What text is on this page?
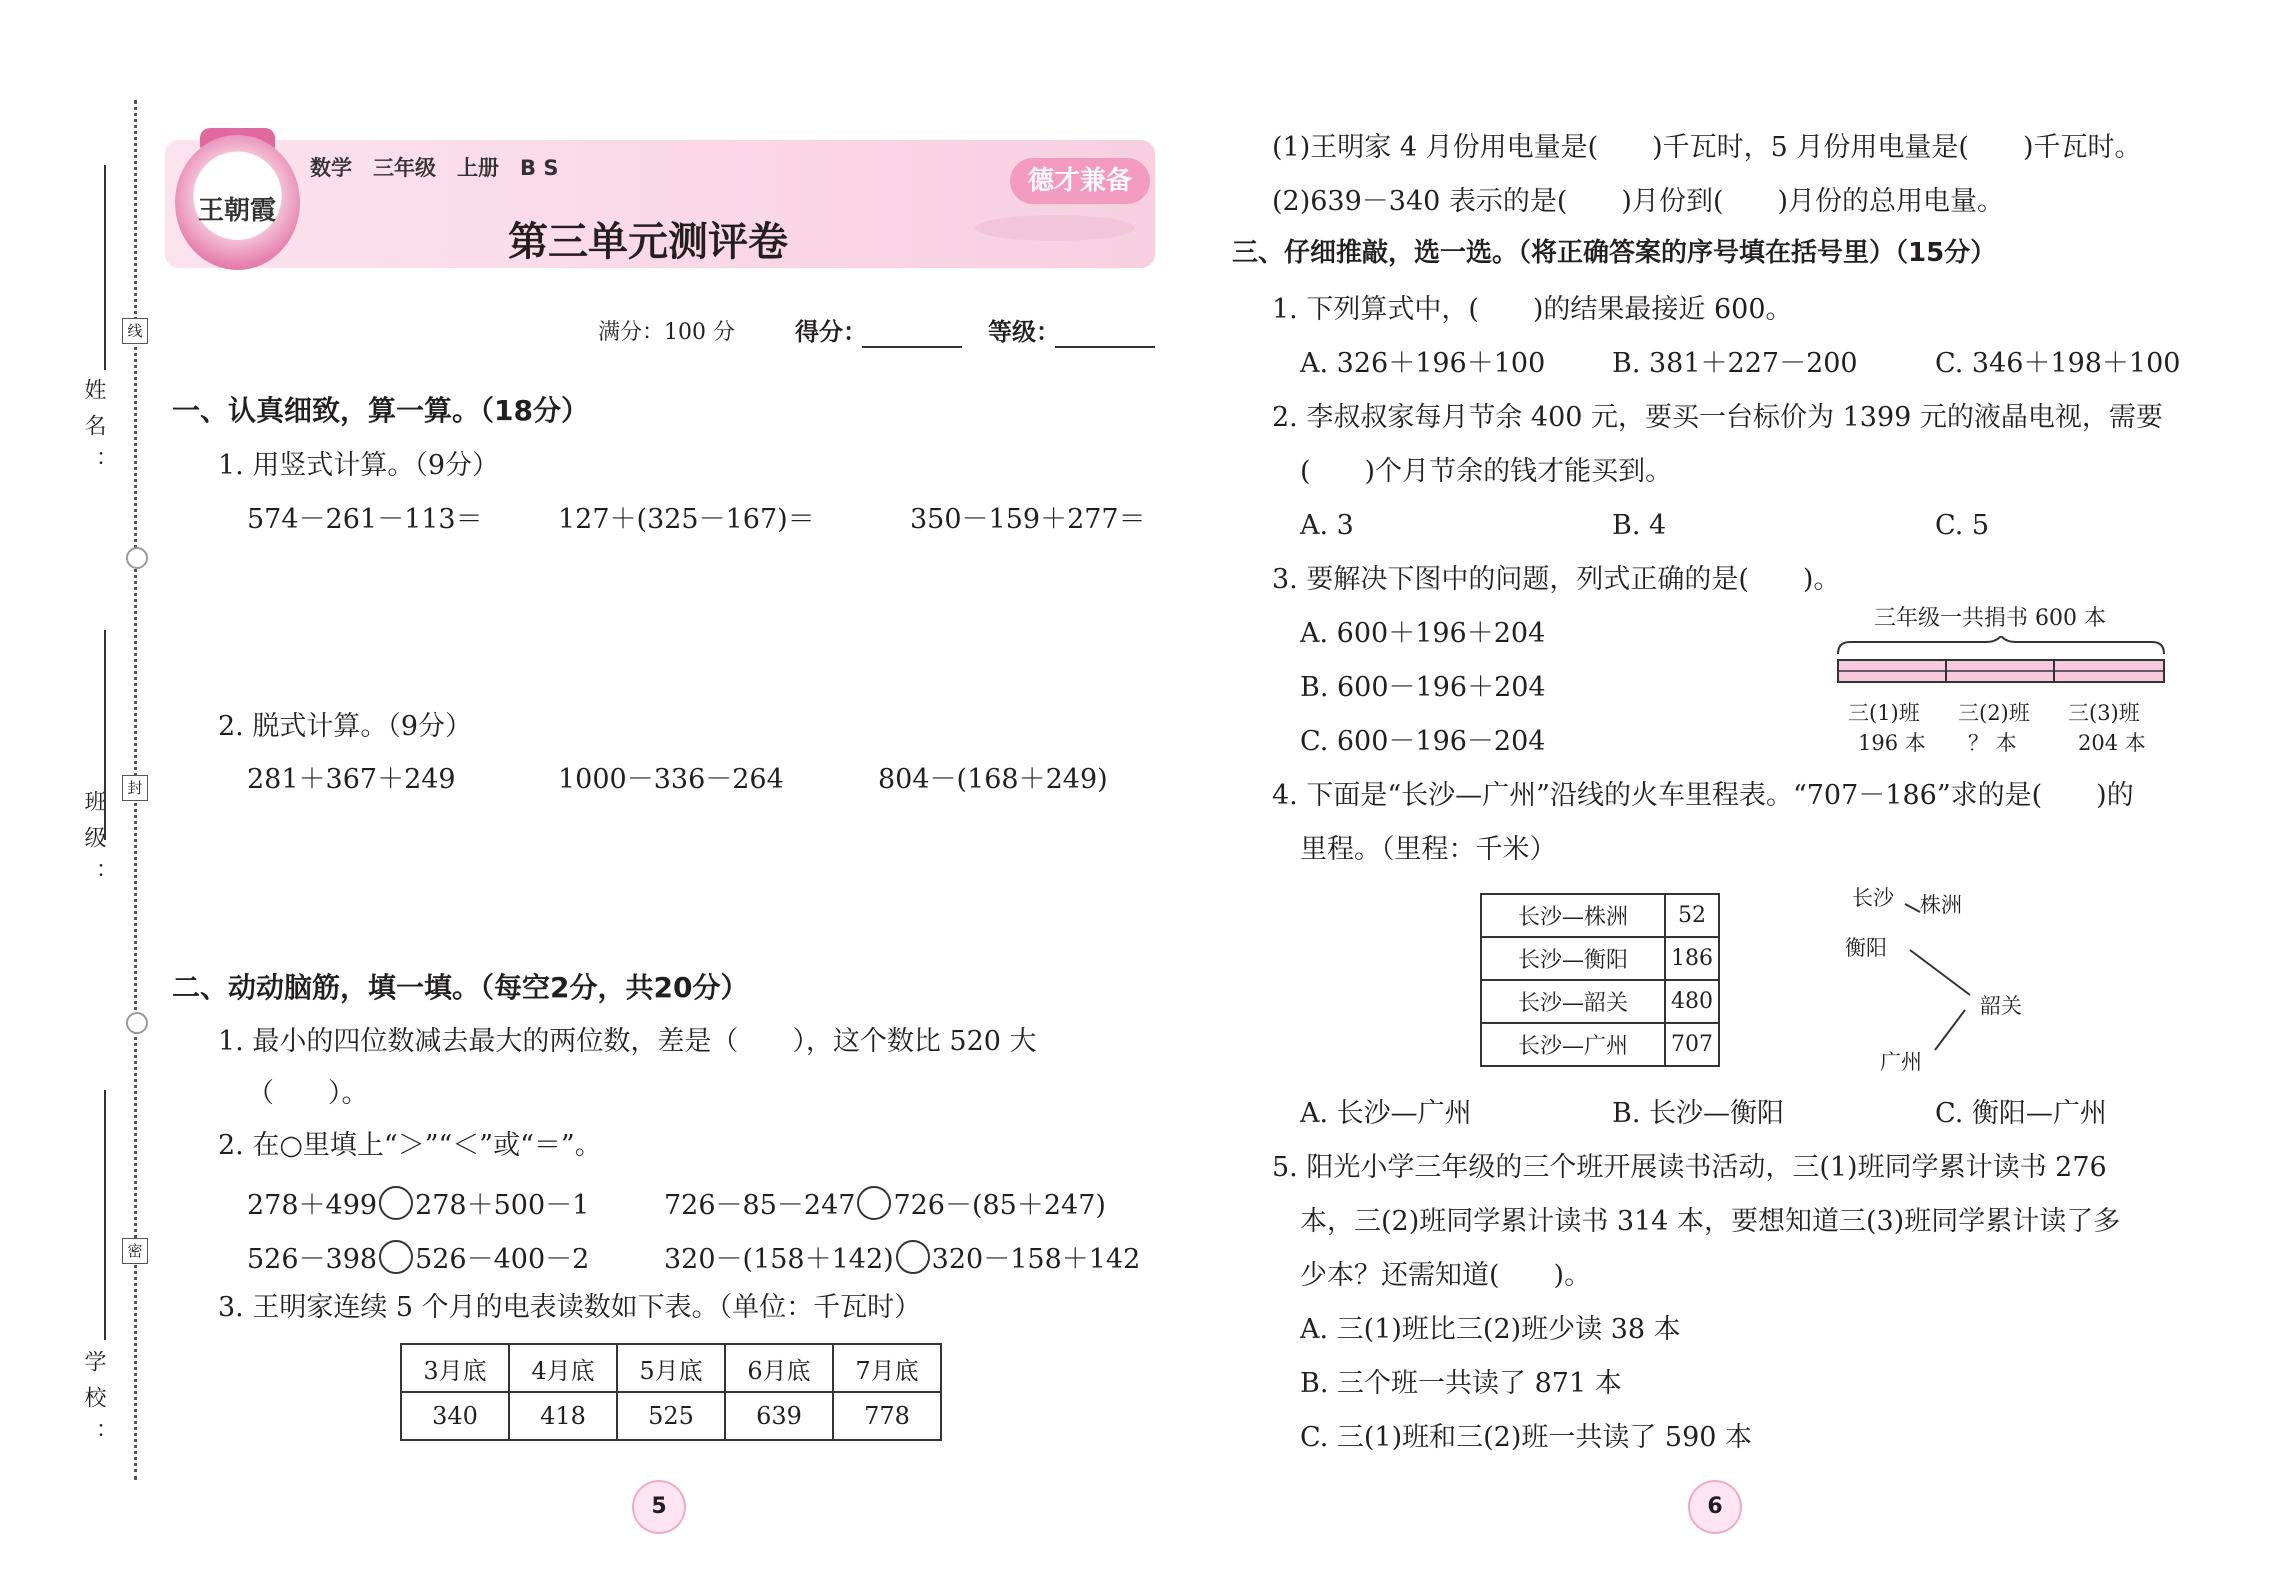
姓名：
班级：
学校：
线
封
密
王朝霞
数学　三年级　上册　B S	德才兼备
第三单元测评卷
满分：100 分	得分：	等级：
一、认真细致，算一算。（18分）
1. 用竖式计算。（9分）
574－261－113＝	127＋(325－167)＝	350－159＋277＝
2. 脱式计算。（9分）
281＋367＋249	1000－336－264	804－(168＋249)
二、动动脑筋，填一填。（每空2分，共20分）
1. 最小的四位数减去最大的两位数，差是（　　），这个数比 520 大
（　　）。
2. 在○里填上“＞”“＜”或“＝”。
278＋499 278＋500－1	726－85－247 726－(85＋247)
526－398 526－400－2	320－(158＋142) 320－158＋142
3. 王明家连续 5 个月的电表读数如下表。（单位：千瓦时）
3月底	4月底	5月底	6月底	7月底
340	418	525	639	778
5
(1)王明家 4 月份用电量是(　　)千瓦时，5 月份用电量是(　　)千瓦时。
(2)639－340 表示的是(　　)月份到(　　)月份的总用电量。
三、仔细推敲，选一选。（将正确答案的序号填在括号里）（15分）
1. 下列算式中，(　　)的结果最接近 600。
A. 326＋196＋100 B. 381＋227－200	C. 346＋198＋100
2. 李叔叔家每月节余 400 元，要买一台标价为 1399 元的液晶电视，需要
(　　)个月节余的钱才能买到。
A. 3	B. 4	C. 5
3. 要解决下图中的问题，列式正确的是(　　)。
A. 600＋196＋204
B. 600－196＋204
C. 600－196－204
三年级一共捐书 600 本
三(1)班 三(2)班 三(3)班
196 本 ？ 本	204 本
4. 下面是“长沙—广州”沿线的火车里程表。“707－186”求的是(　　)的
里程。（里程：千米）
长沙—株洲	52
长沙—衡阳	186
长沙—韶关	480
长沙—广州	707
长沙 株洲
衡阳
韶关
广州
A. 长沙—广州	B. 长沙—衡阳	C. 衡阳—广州
5. 阳光小学三年级的三个班开展读书活动，三(1)班同学累计读书 276
本，三(2)班同学累计读书 314 本，要想知道三(3)班同学累计读了多
少本？还需知道(　　)。
A. 三(1)班比三(2)班少读 38 本
B. 三个班一共读了 871 本
C. 三(1)班和三(2)班一共读了 590 本
6
